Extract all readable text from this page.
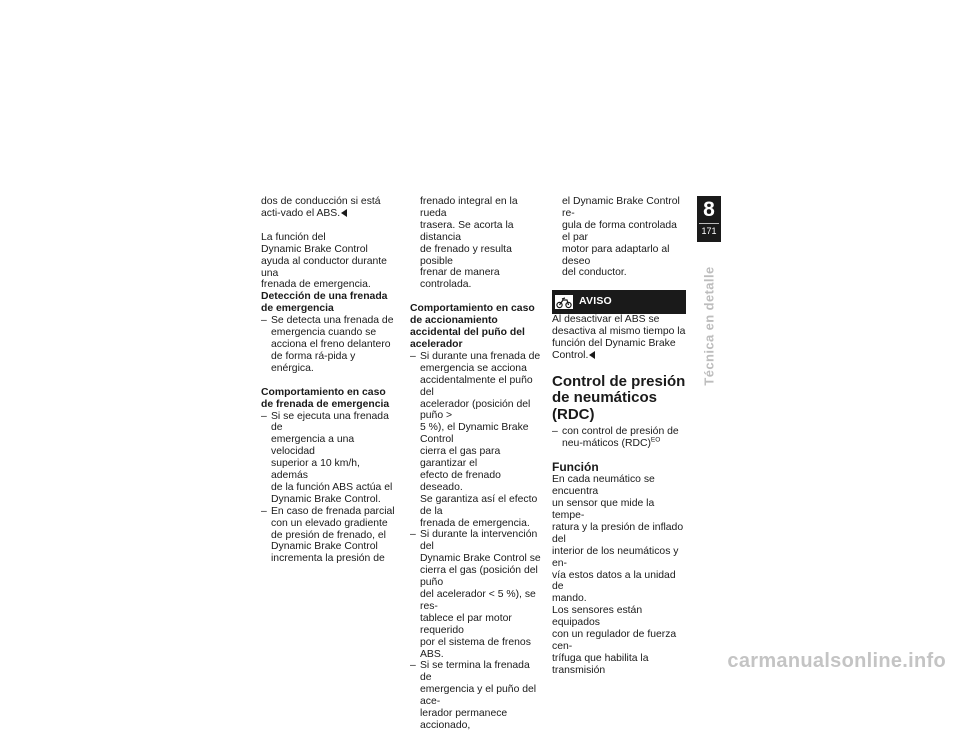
dos de conducción si está acti-vado el ABS.

La función del
Dynamic Brake Control
ayuda al conductor durante una
frenada de emergencia.

Detección de una frenada de emergencia
– Se detecta una frenada de emergencia cuando se acciona el freno delantero de forma rá-pida y enérgica.
Comportamiento en caso de frenada de emergencia
– Si se ejecuta una frenada de
emergencia a una velocidad
superior a 10 km/h, además
de la función ABS actúa el
Dynamic Brake Control.
– En caso de frenada parcial
con un elevado gradiente
de presión de frenado, el
Dynamic Brake Control
incrementa la presión de

frenado integral en la rueda
trasera. Se acorta la distancia
de frenado y resulta posible
frenar de manera controlada.

Comportamiento en caso de accionamiento accidental del puño del acelerador
– Si durante una frenada de
emergencia se acciona
accidentalmente el puño del
acelerador (posición del puño >
5 %), el Dynamic Brake Control
cierra el gas para garantizar el
efecto de frenado deseado.
Se garantiza así el efecto de la
frenada de emergencia.
– Si durante la intervención del
Dynamic Brake Control se
cierra el gas (posición del puño
del acelerador < 5 %), se res-
tablece el par motor requerido
por el sistema de frenos ABS.
– Si se termina la frenada de
emergencia y el puño del ace-
lerador permanece accionado,

el Dynamic Brake Control re-
gula de forma controlada el par
motor para adaptarlo al deseo
del conductor.

AVISO

Al desactivar el ABS se desactiva al mismo tiempo la función del Dynamic Brake Control.

Control de presión de neumáticos (RDC)
– con control de presión de neu-máticos (RDC)$^{EO}$
Función

En cada neumático se encuentra
un sensor que mide la tempe-
ratura y la presión de inflado del
interior de los neumáticos y en-
vía estos datos a la unidad de
mando.

Los sensores están equipados
con un regulador de fuerza cen-
trífuga que habilita la transmisión

8
171
Técnica en detalle
carmanualsonline.info
